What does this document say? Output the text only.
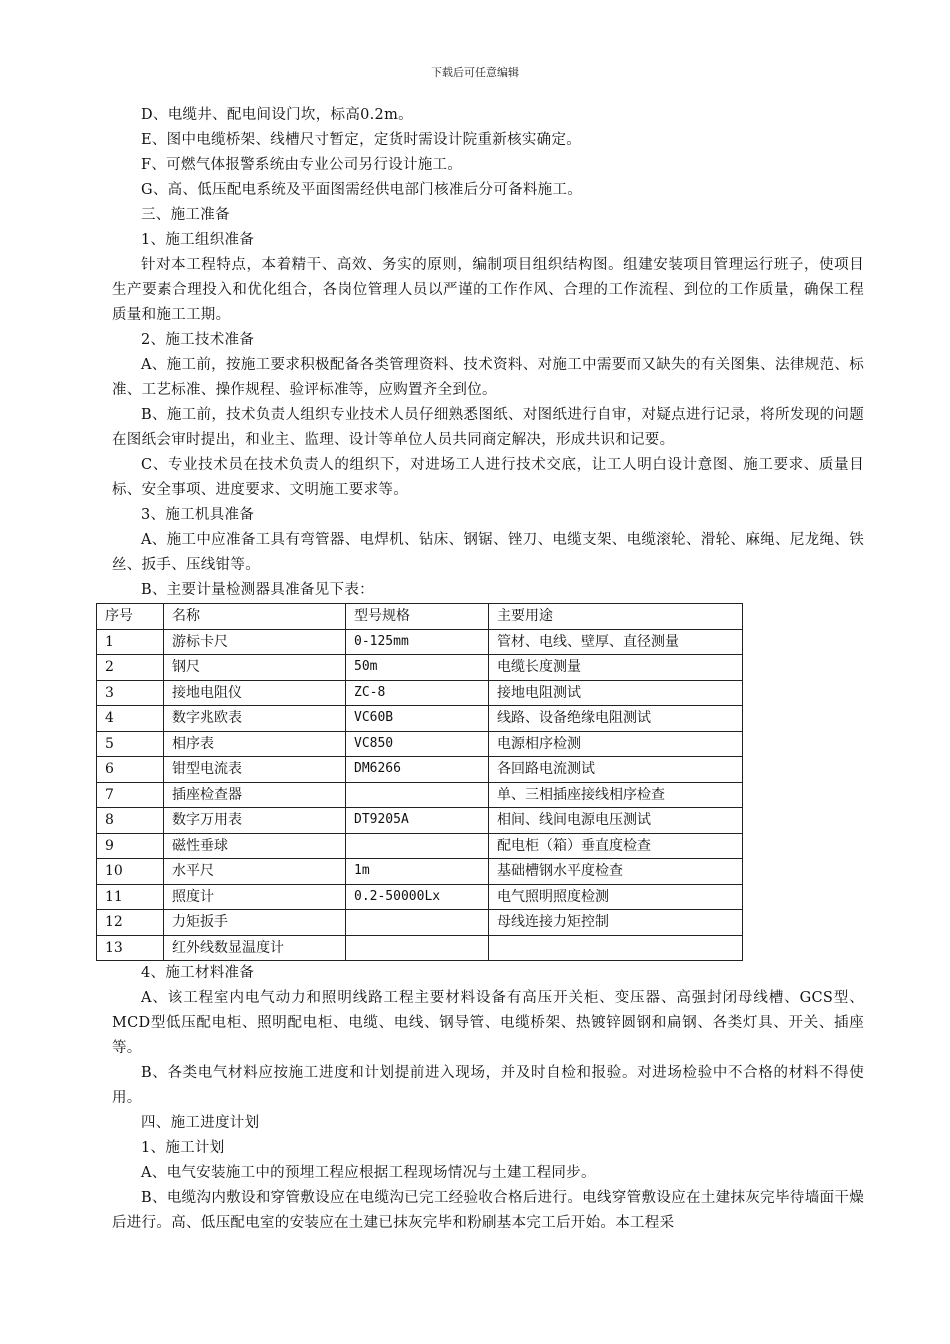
下载后可任意编辑

D、电缆井、配电间设门坎，标高0.2m。

E、图中电缆桥架、线槽尺寸暂定，定货时需设计院重新核实确定。

F、可燃气体报警系统由专业公司另行设计施工。

G、高、低压配电系统及平面图需经供电部门核准后分可备料施工。

三、施工准备

1、施工组织准备

针对本工程特点，本着精干、高效、务实的原则，编制项目组织结构图。组建安装项目管理运行班子，使项目生产要素合理投入和优化组合，各岗位管理人员以严谨的工作作风、合理的工作流程、到位的工作质量，确保工程质量和施工工期。

2、施工技术准备

A、施工前，按施工要求积极配备各类管理资料、技术资料、对施工中需要而又缺失的有关图集、法律规范、标准、工艺标准、操作规程、验评标准等，应购置齐全到位。

B、施工前，技术负责人组织专业技术人员仔细熟悉图纸、对图纸进行自审，对疑点进行记录，将所发现的问题在图纸会审时提出，和业主、监理、设计等单位人员共同商定解决，形成共识和记要。

C、专业技术员在技术负责人的组织下，对进场工人进行技术交底，让工人明白设计意图、施工要求、质量目标、安全事项、进度要求、文明施工要求等。

3、施工机具准备

A、施工中应准备工具有弯管器、电焊机、钻床、钢锯、锉刀、电缆支架、电缆滚轮、滑轮、麻绳、尼龙绳、铁丝、扳手、压线钳等。

B、主要计量检测器具准备见下表：

序号	名称	型号规格	主要用途
1	游标卡尺	0-125mm	管材、电线、壁厚、直径测量
2	钢尺	50m	电缆长度测量
3	接地电阻仪	ZC-8	接地电阻测试
4	数字兆欧表	VC60B	线路、设备绝缘电阻测试
5	相序表	VC850	电源相序检测
6	钳型电流表	DM6266	各回路电流测试
7	插座检查器		单、三相插座接线相序检查
8	数字万用表	DT9205A	相间、线间电源电压测试
9	磁性垂球		配电柜（箱）垂直度检查
10	水平尺	1m	基础槽钢水平度检查
11	照度计	0.2-50000Lx	电气照明照度检测
12	力矩扳手		母线连接力矩控制
13	红外线数显温度计		

4、施工材料准备

A、该工程室内电气动力和照明线路工程主要材料设备有高压开关柜、变压器、高强封闭母线槽、GCS型、MCD型低压配电柜、照明配电柜、电缆、电线、钢导管、电缆桥架、热镀锌圆钢和扁钢、各类灯具、开关、插座等。

B、各类电气材料应按施工进度和计划提前进入现场，并及时自检和报验。对进场检验中不合格的材料不得使用。

四、施工进度计划

1、施工计划

A、电气安装施工中的预埋工程应根据工程现场情况与土建工程同步。

B、电缆沟内敷设和穿管敷设应在电缆沟已完工经验收合格后进行。电线穿管敷设应在土建抹灰完毕待墙面干燥后进行。高、低压配电室的安装应在土建已抹灰完毕和粉刷基本完工后开始。本工程采
